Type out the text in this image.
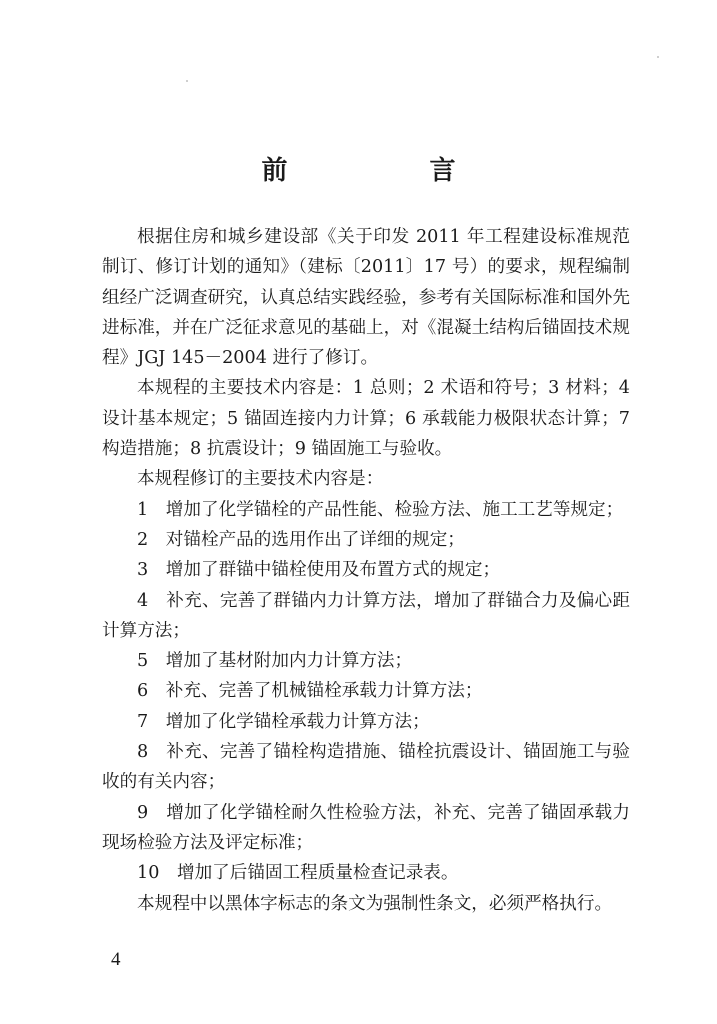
前　言

根据住房和城乡建设部《关于印发 2011 年工程建设标准规范制订、修订计划的通知》（建标〔2011〕17 号）的要求，规程编制组经广泛调查研究，认真总结实践经验，参考有关国际标准和国外先进标准，并在广泛征求意见的基础上，对《混凝土结构后锚固技术规程》JGJ 145－2004 进行了修订。

本规程的主要技术内容是：1 总则；2 术语和符号；3 材料；4 设计基本规定；5 锚固连接内力计算；6 承载能力极限状态计算；7 构造措施；8 抗震设计；9 锚固施工与验收。

本规程修订的主要技术内容是：

1　增加了化学锚栓的产品性能、检验方法、施工工艺等规定；

2　对锚栓产品的选用作出了详细的规定；

3　增加了群锚中锚栓使用及布置方式的规定；

4　补充、完善了群锚内力计算方法，增加了群锚合力及偏心距计算方法；

5　增加了基材附加内力计算方法；

6　补充、完善了机械锚栓承载力计算方法；

7　增加了化学锚栓承载力计算方法；

8　补充、完善了锚栓构造措施、锚栓抗震设计、锚固施工与验收的有关内容；

9　增加了化学锚栓耐久性检验方法，补充、完善了锚固承载力现场检验方法及评定标准；

10　增加了后锚固工程质量检查记录表。

本规程中以黑体字标志的条文为强制性条文，必须严格执行。

4
